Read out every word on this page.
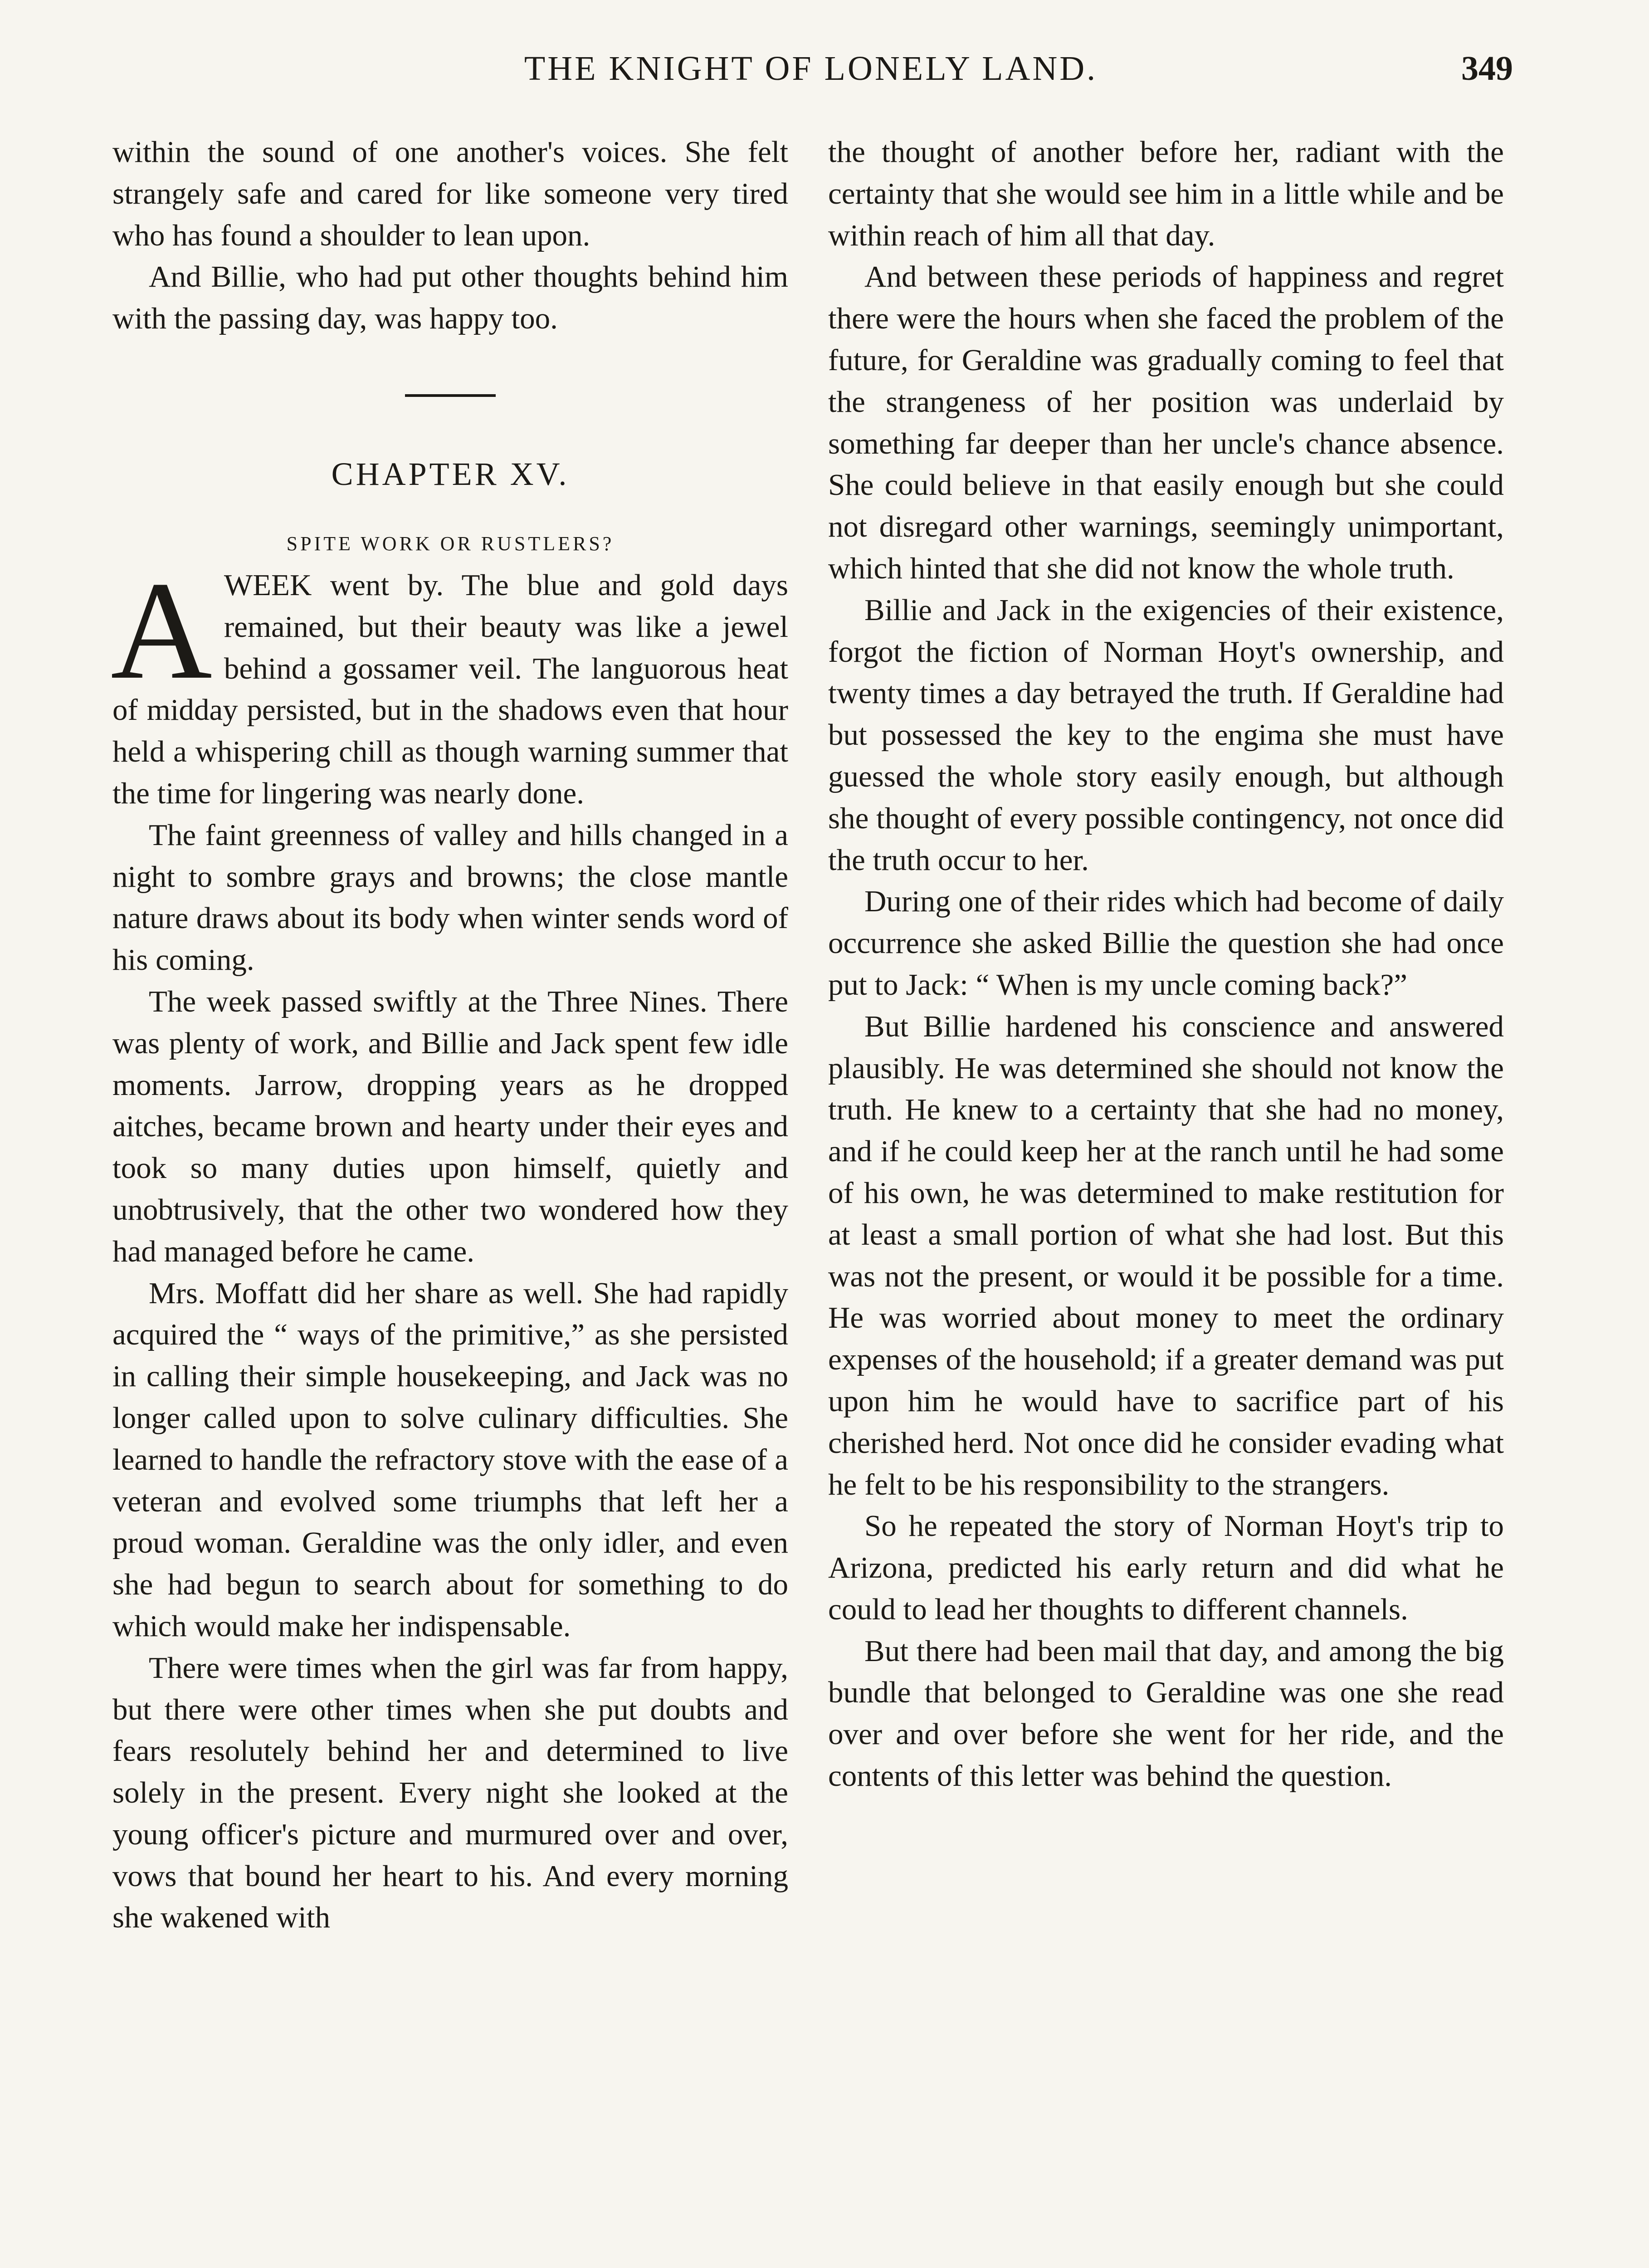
THE KNIGHT OF LONELY LAND.	349

within the sound of one another's voices. She felt strangely safe and cared for like someone very tired who has found a shoulder to lean upon.

And Billie, who had put other thoughts behind him with the passing day, was happy too.

CHAPTER XV.
SPITE WORK OR RUSTLERS?

AWEEK went by. The blue and gold days remained, but their beauty was like a jewel behind a gossamer veil. The languorous heat of midday persisted, but in the shadows even that hour held a whispering chill as though warning summer that the time for lingering was nearly done.

The faint greenness of valley and hills changed in a night to sombre grays and browns; the close mantle nature draws about its body when winter sends word of his coming.

The week passed swiftly at the Three Nines. There was plenty of work, and Billie and Jack spent few idle moments. Jarrow, dropping years as he dropped aitches, became brown and hearty under their eyes and took so many duties upon himself, quietly and unobtrusively, that the other two wondered how they had managed before he came.

Mrs. Moffatt did her share as well. She had rapidly acquired the “ ways of the primitive,” as she persisted in calling their simple housekeeping, and Jack was no longer called upon to solve culinary difficulties. She learned to handle the refractory stove with the ease of a veteran and evolved some triumphs that left her a proud woman. Geraldine was the only idler, and even she had begun to search about for something to do which would make her indispensable.

There were times when the girl was far from happy, but there were other times when she put doubts and fears resolutely behind her and determined to live solely in the present. Every night she looked at the young officer's picture and murmured over and over, vows that bound her heart to his. And every morning she wakened with

the thought of another before her, radiant with the certainty that she would see him in a little while and be within reach of him all that day.

And between these periods of happiness and regret there were the hours when she faced the problem of the future, for Geraldine was gradually coming to feel that the strangeness of her position was underlaid by something far deeper than her uncle's chance absence. She could believe in that easily enough but she could not disregard other warnings, seemingly unimportant, which hinted that she did not know the whole truth.

Billie and Jack in the exigencies of their existence, forgot the fiction of Norman Hoyt's ownership, and twenty times a day betrayed the truth. If Geraldine had but possessed the key to the engima she must have guessed the whole story easily enough, but although she thought of every possible contingency, not once did the truth occur to her.

During one of their rides which had become of daily occurrence she asked Billie the question she had once put to Jack: “ When is my uncle coming back?”

But Billie hardened his conscience and answered plausibly. He was determined she should not know the truth. He knew to a certainty that she had no money, and if he could keep her at the ranch until he had some of his own, he was determined to make restitution for at least a small portion of what she had lost. But this was not the present, or would it be possible for a time. He was worried about money to meet the ordinary expenses of the household; if a greater demand was put upon him he would have to sacrifice part of his cherished herd. Not once did he consider evading what he felt to be his responsibility to the strangers.

So he repeated the story of Norman Hoyt's trip to Arizona, predicted his early return and did what he could to lead her thoughts to different channels.

But there had been mail that day, and among the big bundle that belonged to Geraldine was one she read over and over before she went for her ride, and the contents of this letter was behind the question.
